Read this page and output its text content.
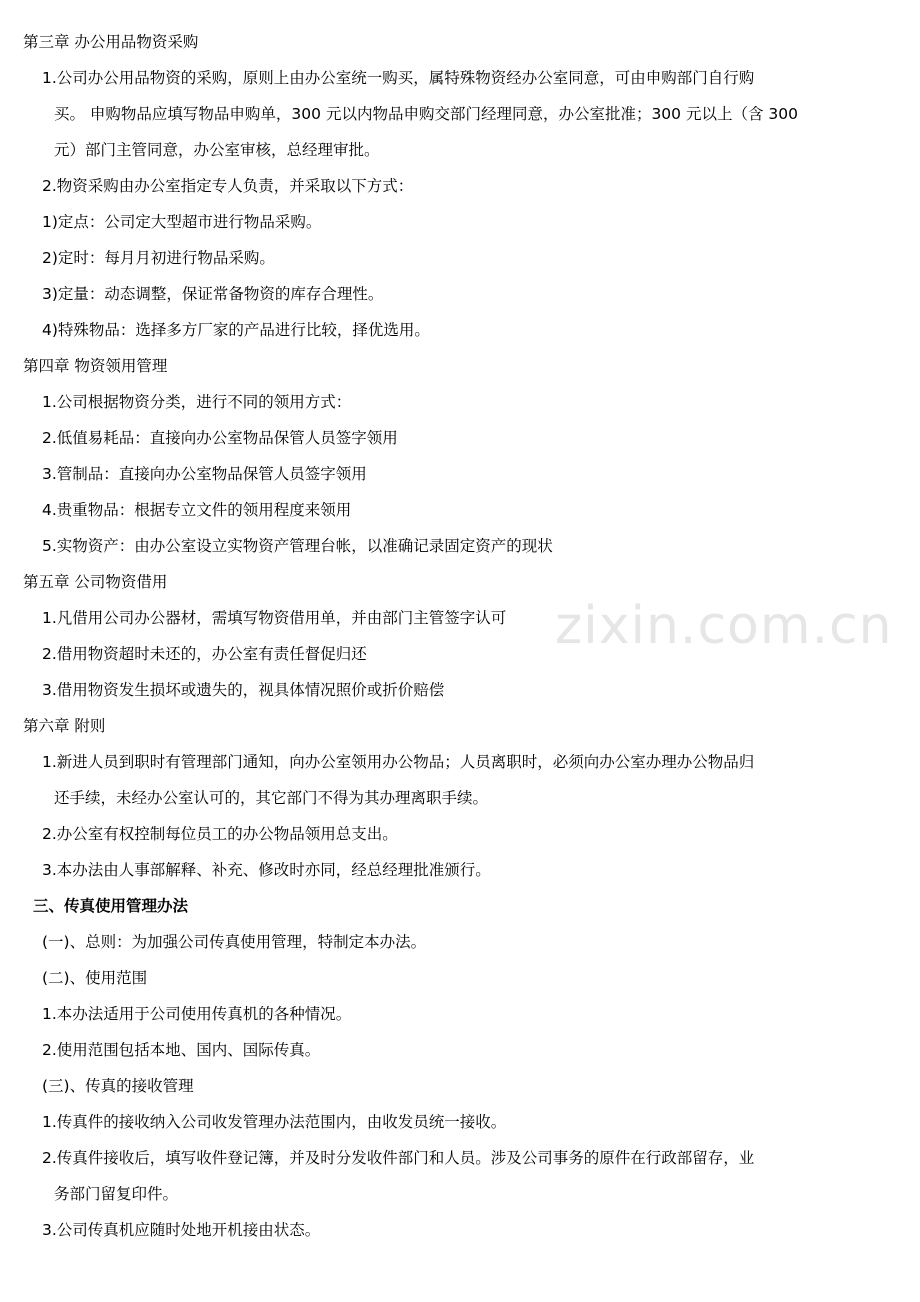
第三章 办公用品物资采购
1.公司办公用品物资的采购，原则上由办公室统一购买，属特殊物资经办公室同意，可由申购部门自行购
买。 申购物品应填写物品申购单，300 元以内物品申购交部门经理同意，办公室批准；300 元以上（含 300
元）部门主管同意，办公室审核，总经理审批。
2.物资采购由办公室指定专人负责，并采取以下方式：
1)定点：公司定大型超市进行物品采购。
2)定时：每月月初进行物品采购。
3)定量：动态调整，保证常备物资的库存合理性。
4)特殊物品：选择多方厂家的产品进行比较，择优选用。
第四章 物资领用管理
1.公司根据物资分类，进行不同的领用方式：
2.低值易耗品：直接向办公室物品保管人员签字领用
3.管制品：直接向办公室物品保管人员签字领用
4.贵重物品：根据专立文件的领用程度来领用
5.实物资产：由办公室设立实物资产管理台帐，以准确记录固定资产的现状
第五章 公司物资借用
1.凡借用公司办公器材，需填写物资借用单，并由部门主管签字认可
2.借用物资超时未还的，办公室有责任督促归还
3.借用物资发生损坏或遗失的，视具体情况照价或折价赔偿
第六章 附则
1.新进人员到职时有管理部门通知，向办公室领用办公物品；人员离职时，必须向办公室办理办公物品归
还手续，未经办公室认可的，其它部门不得为其办理离职手续。
2.办公室有权控制每位员工的办公物品领用总支出。
3.本办法由人事部解释、补充、修改时亦同，经总经理批准颁行。
三、传真使用管理办法
(一)、总则：为加强公司传真使用管理，特制定本办法。
(二)、使用范围
1.本办法适用于公司使用传真机的各种情况。
2.使用范围包括本地、国内、国际传真。
(三)、传真的接收管理
1.传真件的接收纳入公司收发管理办法范围内，由收发员统一接收。
2.传真件接收后，填写收件登记簿，并及时分发收件部门和人员。涉及公司事务的原件在行政部留存，业
务部门留复印件。
3.公司传真机应随时处地开机接由状态。
zixin.com.cn
